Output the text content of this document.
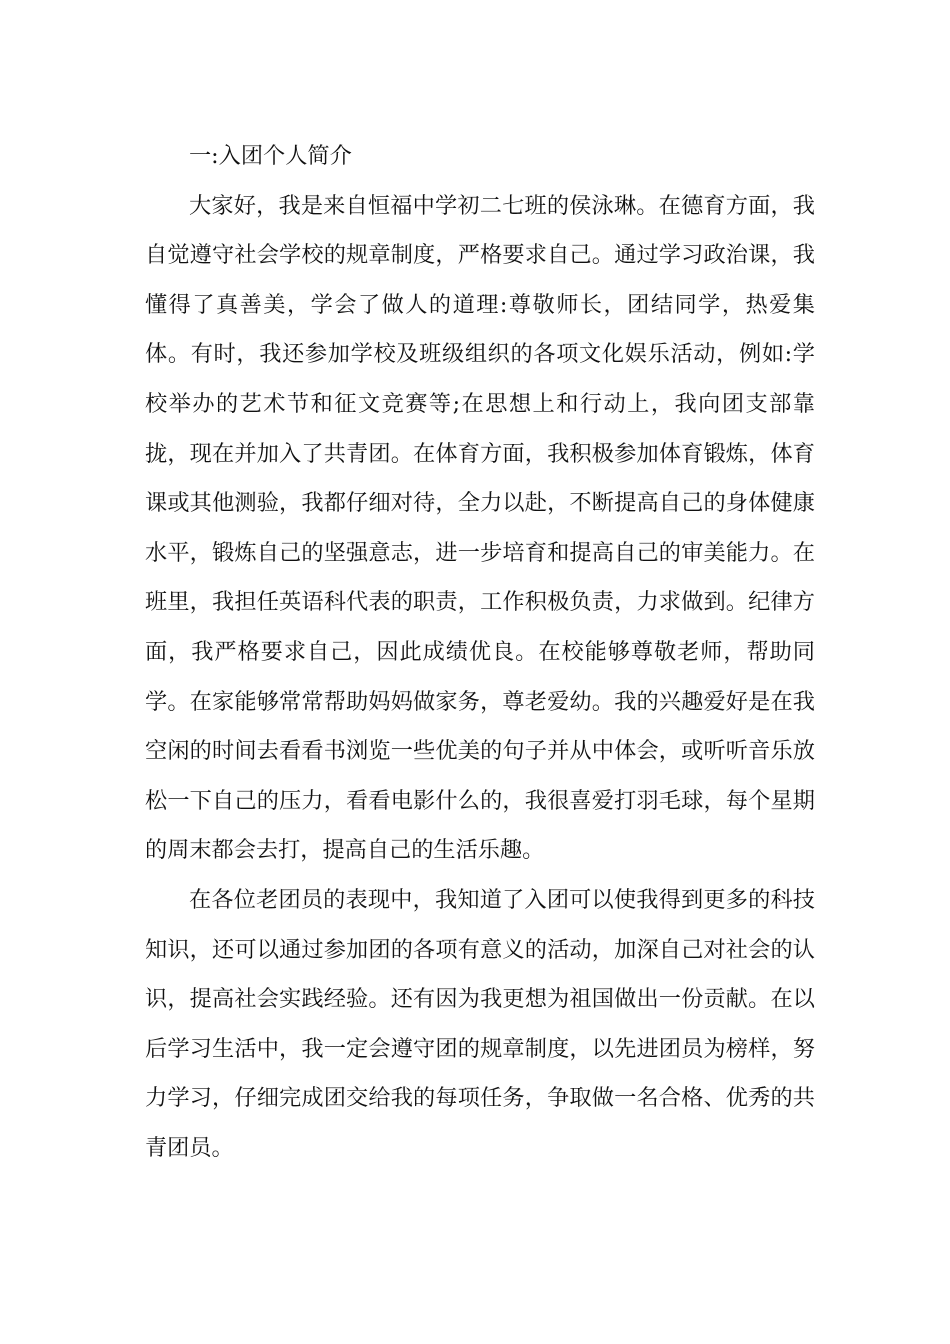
一:入团个人简介

大家好，我是来自恒福中学初二七班的侯泳琳。在德育方面，我自觉遵守社会学校的规章制度，严格要求自己。通过学习政治课，我懂得了真善美，学会了做人的道理:尊敬师长，团结同学，热爱集体。有时，我还参加学校及班级组织的各项文化娱乐活动，例如:学校举办的艺术节和征文竞赛等;在思想上和行动上，我向团支部靠拢，现在并加入了共青团。在体育方面，我积极参加体育锻炼，体育课或其他测验，我都仔细对待，全力以赴，不断提高自己的身体健康水平，锻炼自己的坚强意志，进一步培育和提高自己的审美能力。在班里，我担任英语科代表的职责，工作积极负责，力求做到。纪律方面，我严格要求自己，因此成绩优良。在校能够尊敬老师，帮助同学。在家能够常常帮助妈妈做家务，尊老爱幼。我的兴趣爱好是在我空闲的时间去看看书浏览一些优美的句子并从中体会，或听听音乐放松一下自己的压力，看看电影什么的，我很喜爱打羽毛球，每个星期的周末都会去打，提高自己的生活乐趣。

在各位老团员的表现中，我知道了入团可以使我得到更多的科技知识，还可以通过参加团的各项有意义的活动，加深自己对社会的认识，提高社会实践经验。还有因为我更想为祖国做出一份贡献。在以后学习生活中，我一定会遵守团的规章制度，以先进团员为榜样，努力学习，仔细完成团交给我的每项任务，争取做一名合格、优秀的共青团员。
